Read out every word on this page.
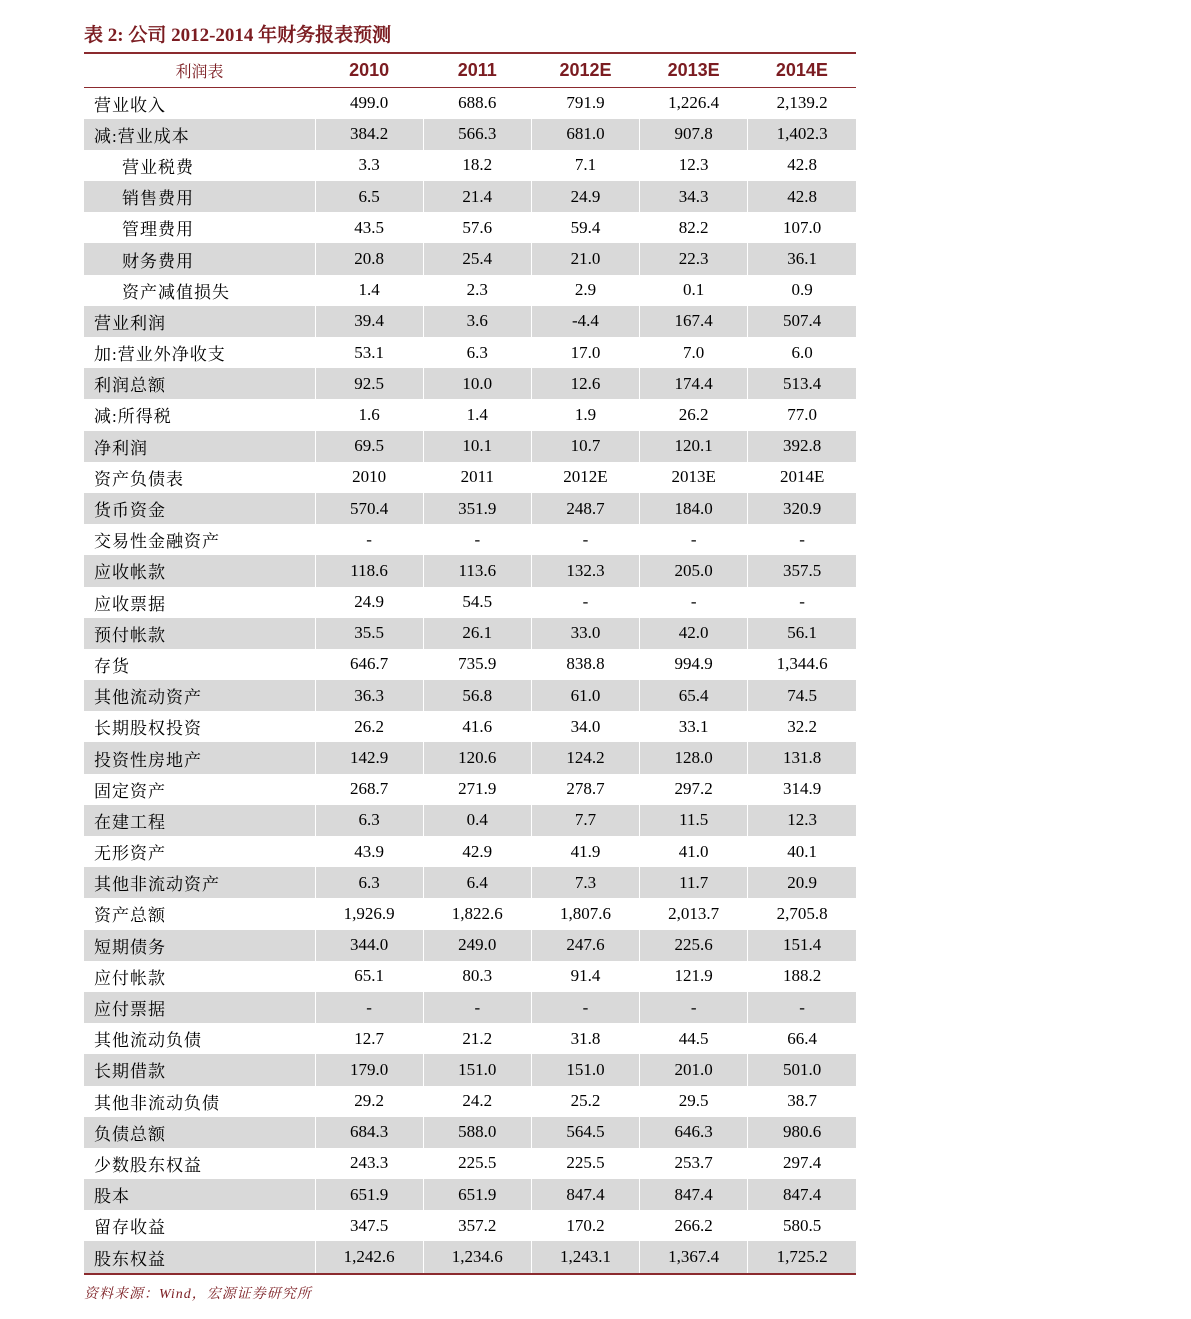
表 2: 公司 2012-2014 年财务报表预测
利润表	2010	2011	2012E	2013E	2014E
营业收入	499.0	688.6	791.9	1,226.4	2,139.2
减:营业成本	384.2	566.3	681.0	907.8	1,402.3
营业税费	3.3	18.2	7.1	12.3	42.8
销售费用	6.5	21.4	24.9	34.3	42.8
管理费用	43.5	57.6	59.4	82.2	107.0
财务费用	20.8	25.4	21.0	22.3	36.1
资产减值损失	1.4	2.3	2.9	0.1	0.9
营业利润	39.4	3.6	-4.4	167.4	507.4
加:营业外净收支	53.1	6.3	17.0	7.0	6.0
利润总额	92.5	10.0	12.6	174.4	513.4
减:所得税	1.6	1.4	1.9	26.2	77.0
净利润	69.5	10.1	10.7	120.1	392.8
资产负债表	2010	2011	2012E	2013E	2014E
货币资金	570.4	351.9	248.7	184.0	320.9
交易性金融资产	-	-	-	-	-
应收帐款	118.6	113.6	132.3	205.0	357.5
应收票据	24.9	54.5	-	-	-
预付帐款	35.5	26.1	33.0	42.0	56.1
存货	646.7	735.9	838.8	994.9	1,344.6
其他流动资产	36.3	56.8	61.0	65.4	74.5
长期股权投资	26.2	41.6	34.0	33.1	32.2
投资性房地产	142.9	120.6	124.2	128.0	131.8
固定资产	268.7	271.9	278.7	297.2	314.9
在建工程	6.3	0.4	7.7	11.5	12.3
无形资产	43.9	42.9	41.9	41.0	40.1
其他非流动资产	6.3	6.4	7.3	11.7	20.9
资产总额	1,926.9	1,822.6	1,807.6	2,013.7	2,705.8
短期债务	344.0	249.0	247.6	225.6	151.4
应付帐款	65.1	80.3	91.4	121.9	188.2
应付票据	-	-	-	-	-
其他流动负债	12.7	21.2	31.8	44.5	66.4
长期借款	179.0	151.0	151.0	201.0	501.0
其他非流动负债	29.2	24.2	25.2	29.5	38.7
负债总额	684.3	588.0	564.5	646.3	980.6
少数股东权益	243.3	225.5	225.5	253.7	297.4
股本	651.9	651.9	847.4	847.4	847.4
留存收益	347.5	357.2	170.2	266.2	580.5
股东权益	1,242.6	1,234.6	1,243.1	1,367.4	1,725.2
资料来源：Wind，宏源证券研究所
